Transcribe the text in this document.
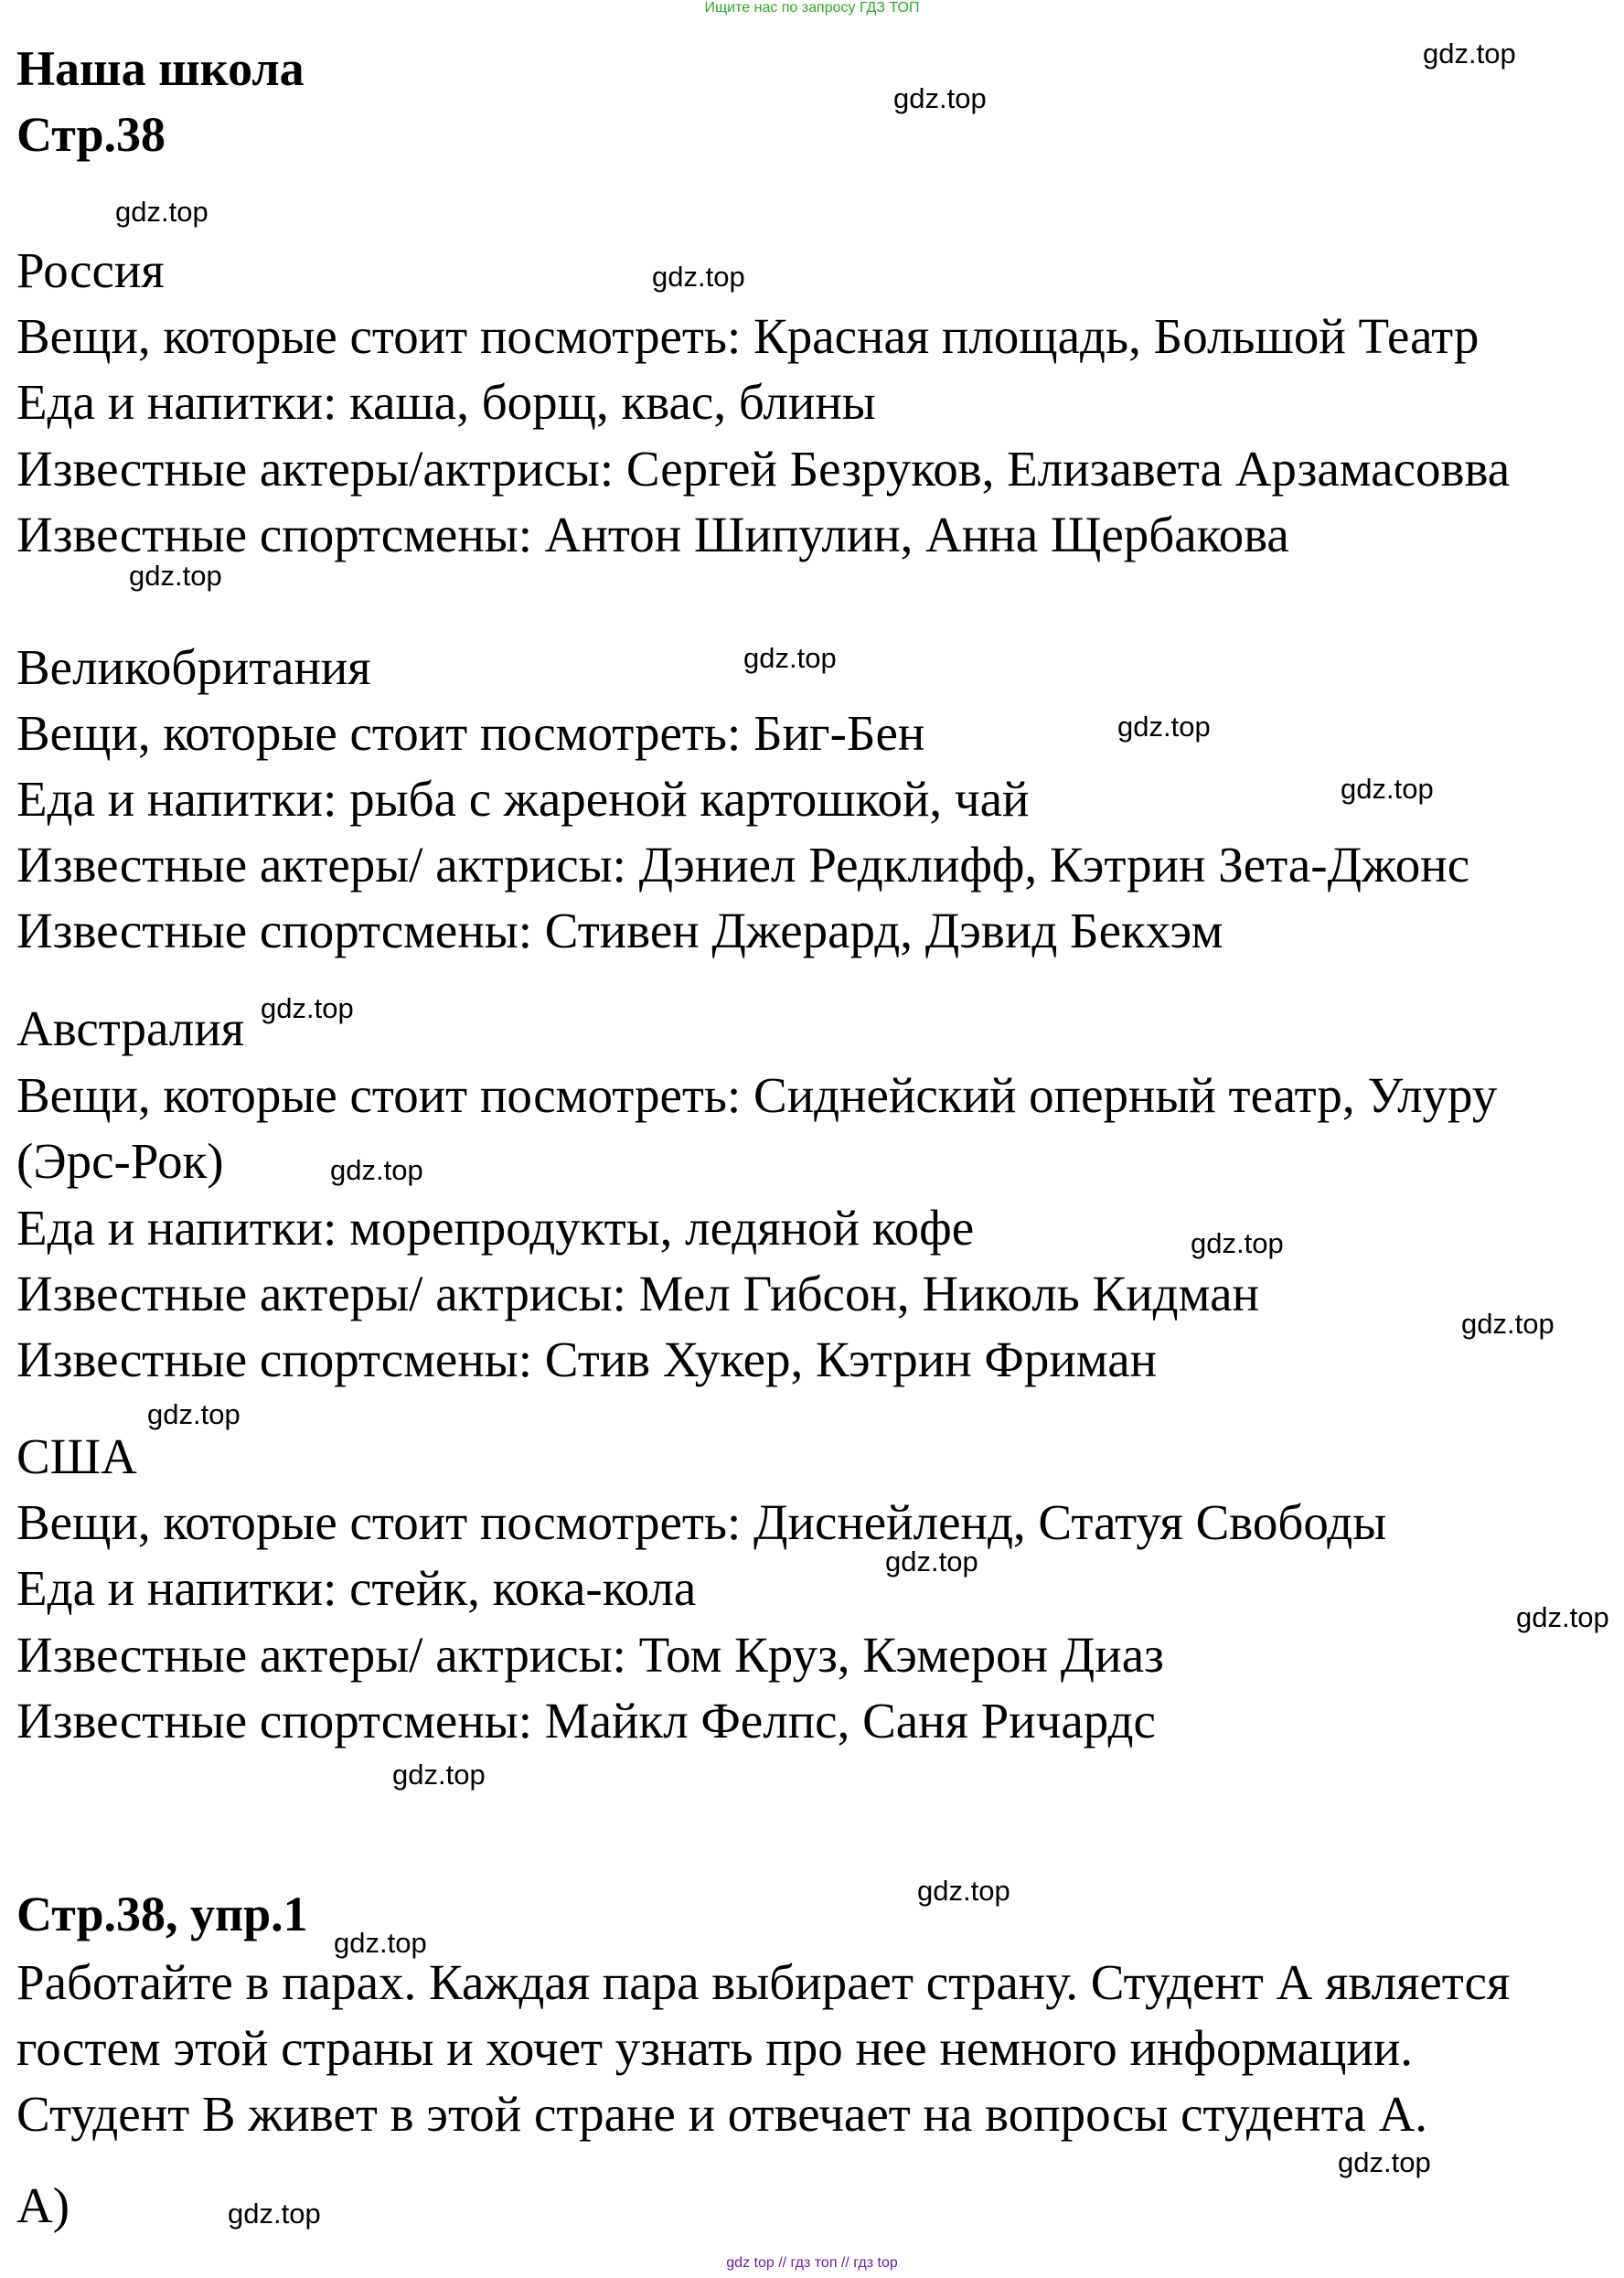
Ищите нас по запросу ГДЗ ТОП
Наша школа
Стр.38
Россия
Вещи, которые стоит посмотреть: Красная площадь, Большой Театр
Еда и напитки: каша, борщ, квас, блины
Известные актеры/актрисы: Сергей Безруков, Елизавета Арзамасовва
Известные спортсмены: Антон Шипулин, Анна Щербакова
Великобритания
Вещи, которые стоит посмотреть: Биг-Бен
Еда и напитки: рыба с жареной картошкой, чай
Известные актеры/ актрисы: Дэниел Редклифф, Кэтрин Зета-Джонс
Известные спортсмены: Стивен Джерард, Дэвид Бекхэм
Австралия
Вещи, которые стоит посмотреть: Сиднейский оперный театр, Улуру
(Эрс-Рок)
Еда и напитки: морепродукты, ледяной кофе
Известные актеры/ актрисы: Мел Гибсон, Николь Кидман
Известные спортсмены: Стив Хукер, Кэтрин Фриман
США
Вещи, которые стоит посмотреть: Диснейленд, Статуя Свободы
Еда и напитки: стейк, кока-кола
Известные актеры/ актрисы: Том Круз, Кэмерон Диаз
Известные спортсмены: Майкл Фелпс, Саня Ричардс
Стр.38, упр.1
Работайте в парах. Каждая пара выбирает страну. Студент А является
гостем этой страны и хочет узнать про нее немного информации.
Студент В живет в этой стране и отвечает на вопросы студента А.
А)
gdz.top
gdz.top
gdz.top
gdz.top
gdz.top
gdz.top
gdz.top
gdz.top
gdz.top
gdz.top
gdz.top
gdz.top
gdz.top
gdz.top
gdz.top
gdz.top
gdz.top
gdz.top
gdz.top
gdz.top
gdz top // гдз топ // гдз top
